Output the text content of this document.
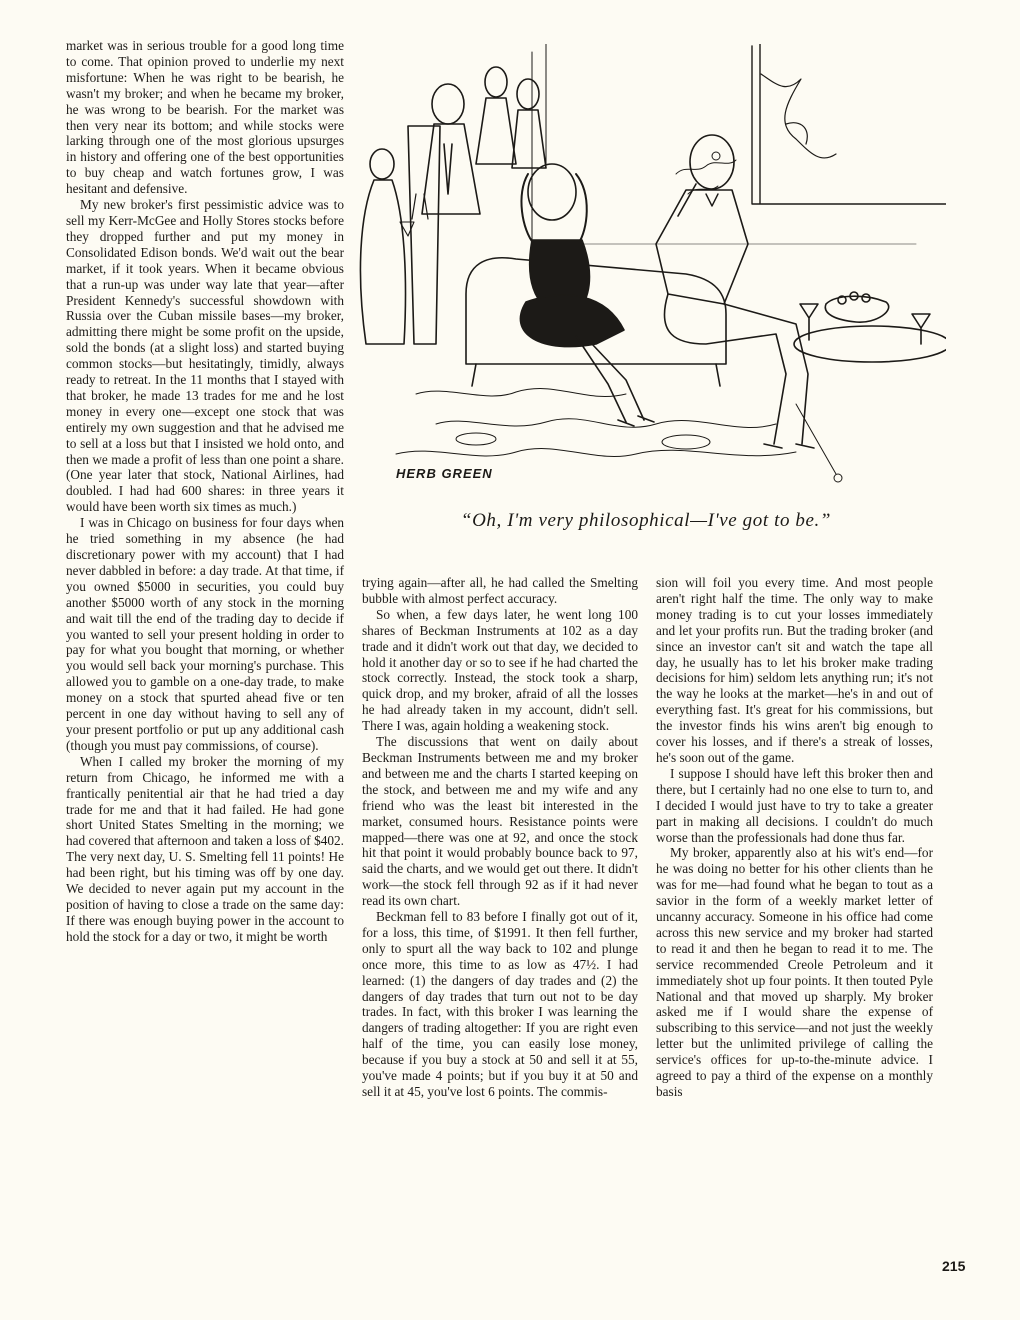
market was in serious trouble for a good long time to come. That opinion proved to underlie my next misfortune: When he was right to be bearish, he wasn't my broker; and when he became my broker, he was wrong to be bearish. For the market was then very near its bottom; and while stocks were larking through one of the most glorious upsurges in history and offering one of the best opportunities to buy cheap and watch fortunes grow, I was hesitant and defensive.

My new broker's first pessimistic advice was to sell my Kerr-McGee and Holly Stores stocks before they dropped further and put my money in Consolidated Edison bonds. We'd wait out the bear market, if it took years. When it became obvious that a run-up was under way late that year—after President Kennedy's successful showdown with Russia over the Cuban missile bases—my broker, admitting there might be some profit on the upside, sold the bonds (at a slight loss) and started buying common stocks—but hesitatingly, timidly, always ready to retreat. In the 11 months that I stayed with that broker, he made 13 trades for me and he lost money in every one—except one stock that was entirely my own suggestion and that he advised me to sell at a loss but that I insisted we hold onto, and then we made a profit of less than one point a share. (One year later that stock, National Airlines, had doubled. I had had 600 shares: in three years it would have been worth six times as much.)

I was in Chicago on business for four days when he tried something in my absence (he had discretionary power with my account) that I had never dabbled in before: a day trade. At that time, if you owned $5000 in securities, you could buy another $5000 worth of any stock in the morning and wait till the end of the trading day to decide if you wanted to sell your present holding in order to pay for what you bought that morning, or whether you would sell back your morning's purchase. This allowed you to gamble on a one-day trade, to make money on a stock that spurted ahead five or ten percent in one day without having to sell any of your present portfolio or put up any additional cash (though you must pay commissions, of course).

When I called my broker the morning of my return from Chicago, he informed me with a frantically penitential air that he had tried a day trade for me and that it had failed. He had gone short United States Smelting in the morning; we had covered that afternoon and taken a loss of $402. The very next day, U. S. Smelting fell 11 points! He had been right, but his timing was off by one day. We decided to never again put my account in the position of having to close a trade on the same day: If there was enough buying power in the account to hold the stock for a day or two, it might be worth

HERB GREEN
“Oh, I'm very philosophical—I've got to be.”

trying again—after all, he had called the Smelting bubble with almost perfect accuracy.

So when, a few days later, he went long 100 shares of Beckman Instruments at 102 as a day trade and it didn't work out that day, we decided to hold it another day or so to see if he had charted the stock correctly. Instead, the stock took a sharp, quick drop, and my broker, afraid of all the losses he had already taken in my account, didn't sell. There I was, again holding a weakening stock.

The discussions that went on daily about Beckman Instruments between me and my broker and between me and the charts I started keeping on the stock, and between me and my wife and any friend who was the least bit interested in the market, consumed hours. Resistance points were mapped—there was one at 92, and once the stock hit that point it would probably bounce back to 97, said the charts, and we would get out there. It didn't work—the stock fell through 92 as if it had never read its own chart.

Beckman fell to 83 before I finally got out of it, for a loss, this time, of $1991. It then fell further, only to spurt all the way back to 102 and plunge once more, this time to as low as 47½. I had learned: (1) the dangers of day trades and (2) the dangers of day trades that turn out not to be day trades. In fact, with this broker I was learning the dangers of trading altogether: If you are right even half of the time, you can easily lose money, because if you buy a stock at 50 and sell it at 55, you've made 4 points; but if you buy it at 50 and sell it at 45, you've lost 6 points. The commis-

sion will foil you every time. And most people aren't right half the time. The only way to make money trading is to cut your losses immediately and let your profits run. But the trading broker (and since an investor can't sit and watch the tape all day, he usually has to let his broker make trading decisions for him) seldom lets anything run; it's not the way he looks at the market—he's in and out of everything fast. It's great for his commissions, but the investor finds his wins aren't big enough to cover his losses, and if there's a streak of losses, he's soon out of the game.

I suppose I should have left this broker then and there, but I certainly had no one else to turn to, and I decided I would just have to try to take a greater part in making all decisions. I couldn't do much worse than the professionals had done thus far.

My broker, apparently also at his wit's end—for he was doing no better for his other clients than he was for me—had found what he began to tout as a savior in the form of a weekly market letter of uncanny accuracy. Someone in his office had come across this new service and my broker had started to read it and then he began to read it to me. The service recommended Creole Petroleum and it immediately shot up four points. It then touted Pyle National and that moved up sharply. My broker asked me if I would share the expense of subscribing to this service—and not just the weekly letter but the unlimited privilege of calling the service's offices for up-to-the-minute advice. I agreed to pay a third of the expense on a monthly basis

215
